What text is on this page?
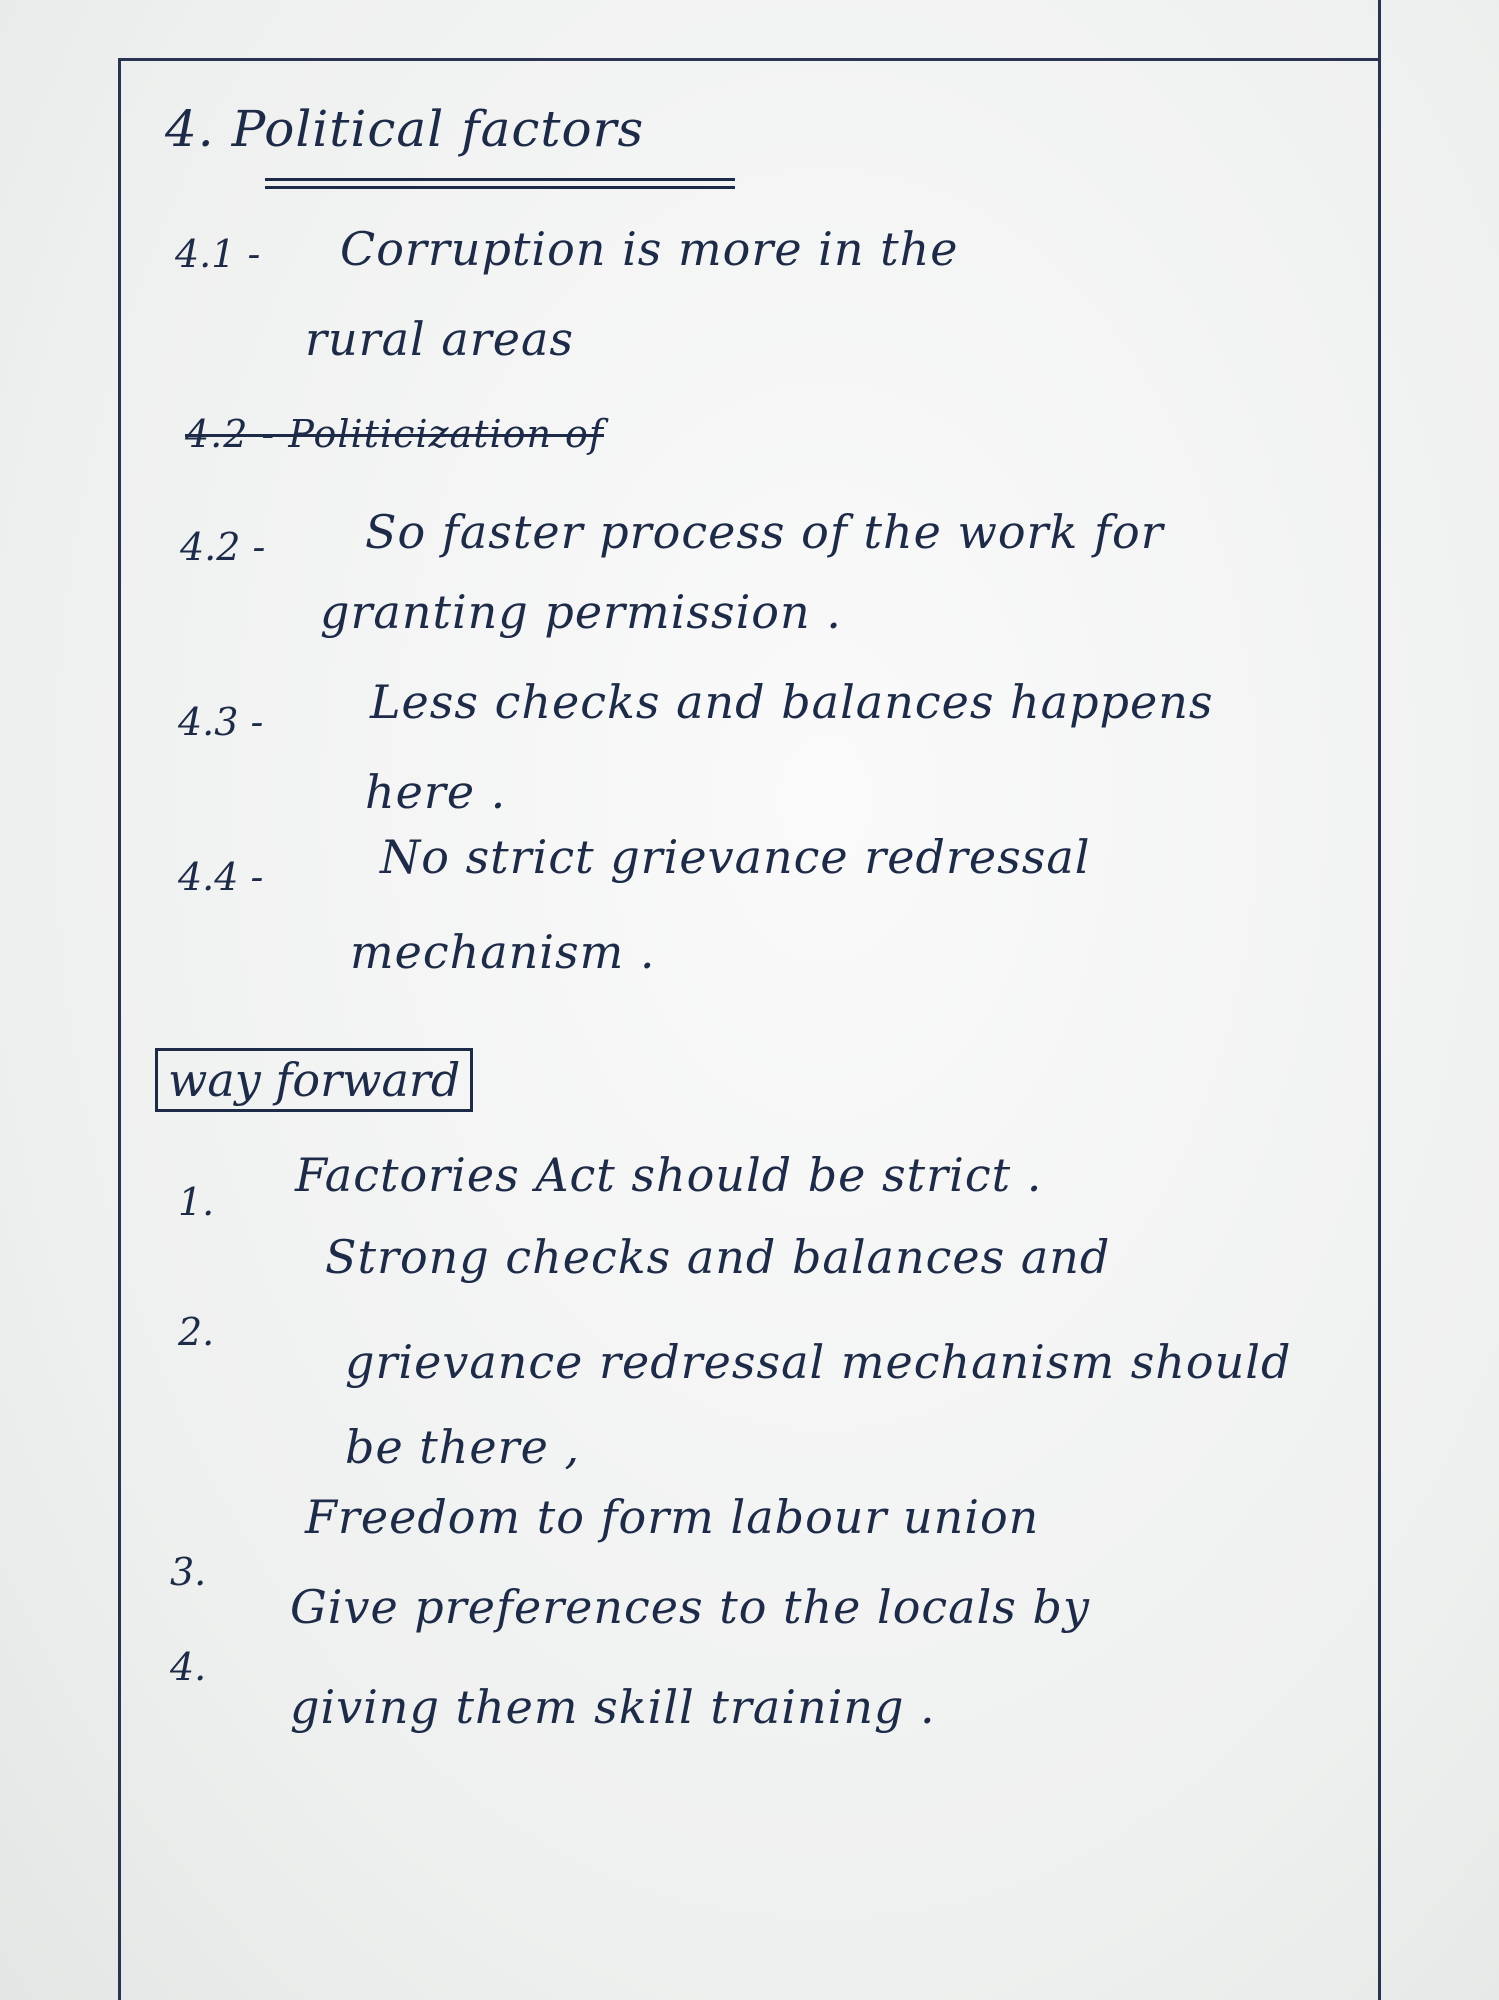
4. Political factors
4.1 - Corruption is more in the
rural areas
4.2 - Politicization of
4.2 - So faster process of the work for
granting permission .
4.3 - Less checks and balances happens
here .
4.4 -	No strict grievance redressal
mechanism .
way forward
1. Factories Act should be strict .
2.
Strong checks and balances and
grievance redressal mechanism should
be there ,
3.
Freedom to form labour union
4.
Give preferences to the locals by
giving them skill training .
